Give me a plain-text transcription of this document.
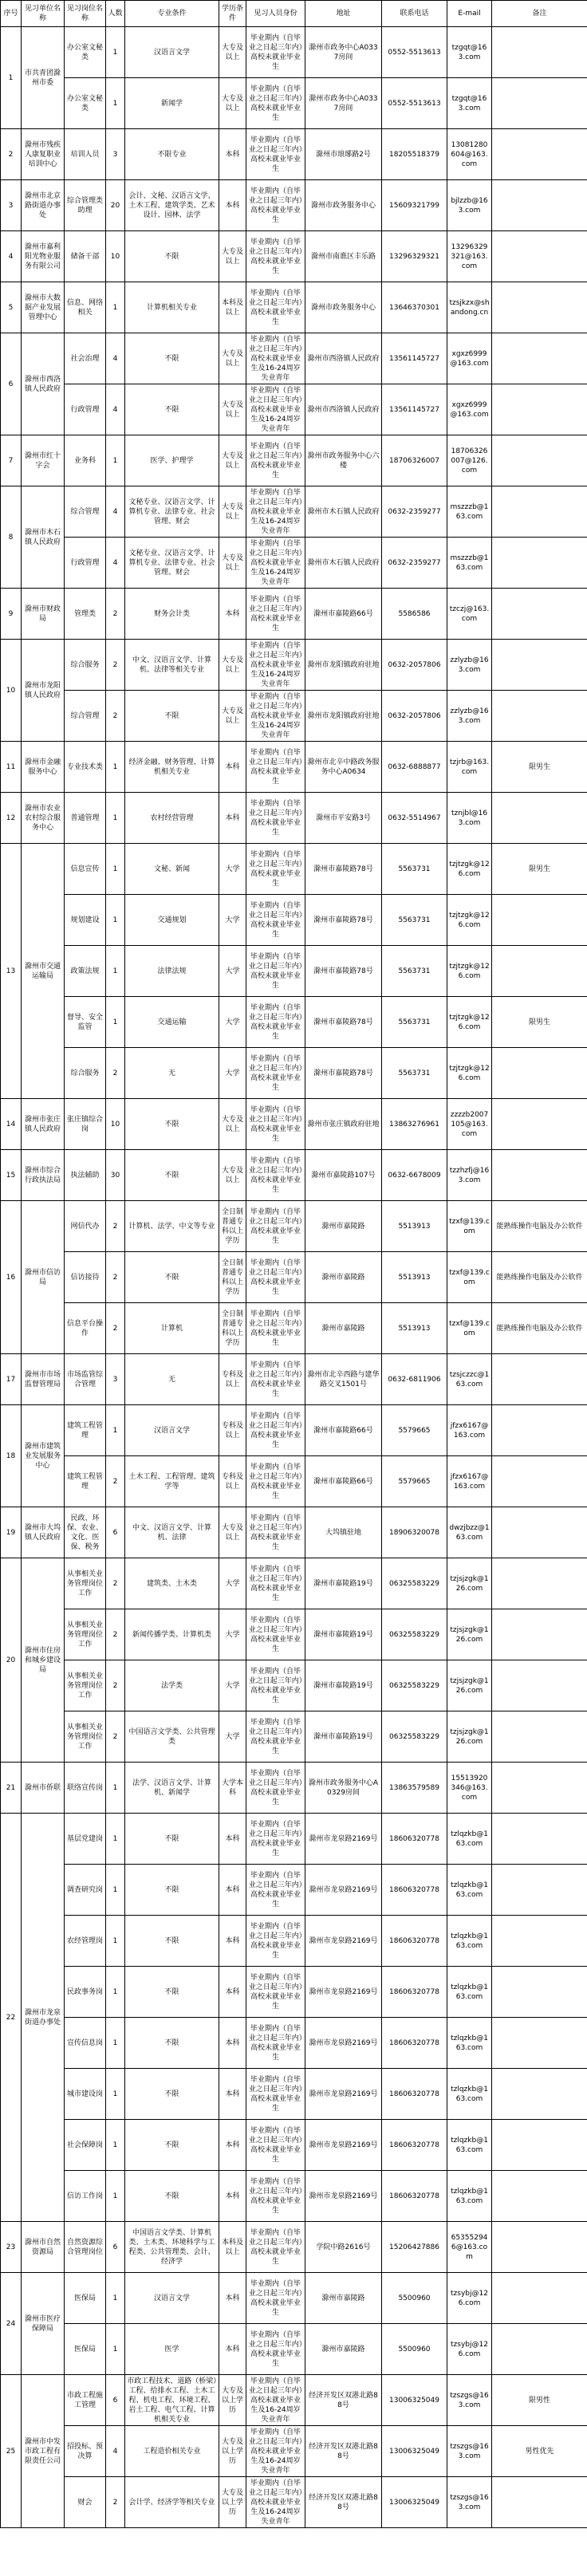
序号	见习单位名称	见习岗位名称	人数	专业条件	学历条件	见习人员身份	地址	联系电话	E-mail	备注
1	市共青团滁州市委	办公室文秘类	1	汉语言文学	大专及以上	毕业期内（自毕业之日起三年内）高校未就业毕业生	滁州市政务中心A0337房间	0552-5513613	tzgqt@163.com	
		办公室文秘类	1	新闻学	大专及以上	毕业期内（自毕业之日起三年内）高校未就业毕业生	滁州市政务中心A0337房间	0552-5513613	tzgqt@163.com	
2	滁州市残疾人康复职业培训中心	培训人员	3	不限专业	本科	毕业期内（自毕业之日起三年内）高校未就业毕业生	滁州市琅琊路2号	18205518379	13081280604@163.com	
3	滁州市北京路街道办事处	综合管理类助理	20	会计、文秘、汉语言文学、土木工程、建筑学类、艺术设计、园林、法学	本科	毕业期内（自毕业之日起三年内）高校未就业毕业生	滁州市政务服务中心	15609321799	bjlzzb@163.com	
4	滁州市嘉利阳光物业服务有限公司	储备干部	10	不限	大专及以上	毕业期内（自毕业之日起三年内）高校未就业毕业生	滁州市南谯区丰乐路	13296329321	13296329321@163.com	
5	滁州市大数据产业发展管理中心	信息、网络相关	1	计算机相关专业	本科及以上	毕业期内（自毕业之日起三年内）高校未就业毕业生	滁州市政务服务中心	13646370301	tzsjkzx@shandong.cn	
6	滁州市西洛镇人民政府	社会治理	4	不限	大专及以上	毕业期内（自毕业之日起三年内）高校未就业毕业生及16-24周岁失业青年	滁州市西洛镇人民政府	13561145727	xgxz6999@163.com	
		行政管理	4	不限	大专及以上	毕业期内（自毕业之日起三年内）高校未就业毕业生及16-24周岁失业青年	滁州市西洛镇人民政府	13561145727	xgxz6999@163.com	
7	滁州市红十字会	业务科	1	医学、护理学	大专及以上	毕业期内（自毕业之日起三年内）高校未就业毕业生	滁州市政务服务中心六楼	18706326007	18706326007@126.com	
8	滁州市木石镇人民政府	综合管理	4	文秘专业、汉语言文学、计算机专业、法律专业、社会管理、财会	大专及以上	毕业期内（自毕业之日起三年内）高校未就业毕业生及16-24周岁失业青年	滁州市木石镇人民政府	0632-2359277	mszzzb@163.com	
		行政管理	4	文秘专业、汉语言文学、计算机专业、法律专业、社会管理、财会	大专及以上	毕业期内（自毕业之日起三年内）高校未就业毕业生及16-24周岁失业青年	滁州市木石镇人民政府	0632-2359277	mszzzb@163.com	
9	滁州市财政局	管理类	2	财务会计类	本科	毕业期内（自毕业之日起三年内）高校未就业毕业生	滁州市嘉陵路66号	5586586	tzczj@163.com	
10	滁州市龙阳镇人民政府	综合服务	2	中文、汉语言文学、计算机、法律等相关专业	大专及以上	毕业期内（自毕业之日起三年内）高校未就业毕业生及16-24周岁失业青年	滁州市龙阳镇政府驻地	0632-2057806	zzlyzb@163.com	
		综合管理	2	不限	大专及以上	毕业期内（自毕业之日起三年内）高校未就业毕业生及16-24周岁失业青年	滁州市龙阳镇政府驻地	0632-2057806	zzlyzb@163.com	
11	滁州市金融服务中心	专业技术类	1	经济金融、财务管理、计算机相关专业	本科	毕业期内（自毕业之日起三年内）高校未就业毕业生	滁州市北辛中路政务服务中心A0634	0632-6888877	tzjrb@163.com	限男生
12	滁州市农业农村综合服务中心	普通管理	1	农村经营管理	本科	毕业期内（自毕业之日起三年内）高校未就业毕业生	滁州市平安路3号	0632-5514967	tznjbl@163.com	
13	滁州市交通运输局	信息宣传	1	文秘、新闻	大学	毕业期内（自毕业之日起三年内）高校未就业毕业生	滁州市嘉陵路78号	5563731	tzjtzgk@126.com	限男生
		规划建设	1	交通规划	大学	毕业期内（自毕业之日起三年内）高校未就业毕业生	滁州市嘉陵路78号	5563731	tzjtzgk@126.com	
		政策法规	1	法律法规	大学	毕业期内（自毕业之日起三年内）高校未就业毕业生	滁州市嘉陵路78号	5563731	tzjtzgk@126.com	
		督导、安全监管	1	交通运输	大学	毕业期内（自毕业之日起三年内）高校未就业毕业生	滁州市嘉陵路78号	5563731	tzjtzgk@126.com	限男生
		综合服务	2	无	大学	毕业期内（自毕业之日起三年内）高校未就业毕业生	滁州市嘉陵路78号	5563731	tzjtzgk@126.com	
14	滁州市张庄镇人民政府	张庄镇综合岗	10	不限	大专及以上	毕业期内（自毕业之日起三年内）高校未就业毕业生	滁州市张庄镇政府驻地	13863276961	zzzzb2007105@163.com	
15	滁州市综合行政执法局	执法辅助	30	不限	大专及以上	毕业期内（自毕业之日起三年内）高校未就业毕业生	滁州市嘉陵路107号	0632-6678009	tzzhzfj@163.com	
16	滁州市信访局	网信代办	2	计算机、法学、中文等专业	全日制普通专科以上学历	毕业期内（自毕业之日起三年内）高校未就业毕业生	滁州市嘉陵路	5513913	tzxf@139.com	能熟练操作电脑及办公软件
		信访接待	2	不限	全日制普通专科以上学历	毕业期内（自毕业之日起三年内）高校未就业毕业生	滁州市嘉陵路	5513913	tzxf@139.com	能熟练操作电脑及办公软件
		信息平台操作	2	计算机	全日制普通专科以上学历	毕业期内（自毕业之日起三年内）高校未就业毕业生	滁州市嘉陵路	5513913	tzxf@139.com	能熟练操作电脑及办公软件
17	滁州市市场监督管理局	市场监管综合管理	3	无	专科及以上	毕业期内（自毕业之日起三年内）高校未就业毕业生	滁州市北辛西路与建华路交叉1501号	0632-6811906	tzsjczzc@163.com	
18	滁州市建筑业发展服务中心	建筑工程管理	1	汉语言文学	专科及以上	毕业期内（自毕业之日起三年内）高校未就业毕业生	滁州市嘉陵路66号	5579665	jfzx6167@163.com	
		建筑工程管理	2	土木工程、工程管理、建筑学等	专科及以上	毕业期内（自毕业之日起三年内）高校未就业毕业生	滁州市嘉陵路66号	5579665	jfzx6167@163.com	
19	滁州市大坞镇人民政府	民政、环保、农业、文化、医保、税务	6	中文、汉语言文学、计算机、法律	大专及以上	毕业期内（自毕业之日起三年内）高校未就业毕业生	大坞镇驻地	18906320078	dwzjbzz@163.com	
20	滁州市住房和城乡建设局	从事相关业务管理岗位工作	2	建筑类、土木类	大学	毕业期内（自毕业之日起三年内）高校未就业毕业生	滁州市嘉陵路19号	06325583229	tzjsjzgk@126.com	
		从事相关业务管理岗位工作	2	新闻传播学类、计算机类	大学	毕业期内（自毕业之日起三年内）高校未就业毕业生	滁州市嘉陵路19号	06325583229	tzjsjzgk@126.com	
		从事相关业务管理岗位工作	2	法学类	大学	毕业期内（自毕业之日起三年内）高校未就业毕业生	滁州市嘉陵路19号	06325583229	tzjsjzgk@126.com	
		从事相关业务管理岗位工作	2	中国语言文学类、公共管理类	大学	毕业期内（自毕业之日起三年内）高校未就业毕业生	滁州市嘉陵路19号	06325583229	tzjsjzgk@126.com	
21	滁州市侨联	联络宣传岗	1	法学、汉语言文学、计算机、新闻学	大学本科	毕业期内（自毕业之日起三年内）高校未就业毕业生	滁州市政务服务中心A0329房间	13863579589	15513920346@163.com	
22	滁州市龙泉街道办事处	基层党建岗	1	不限	本科	毕业期内（自毕业之日起三年内）高校未就业毕业生	滁州市龙泉路2169号	18606320778	tzlqzkb@163.com	
		调查研究岗	1	不限	本科	毕业期内（自毕业之日起三年内）高校未就业毕业生	滁州市龙泉路2169号	18606320778	tzlqzkb@163.com	
		农经管理岗	1	不限	本科	毕业期内（自毕业之日起三年内）高校未就业毕业生	滁州市龙泉路2169号	18606320778	tzlqzkb@163.com	
		民政事务岗	1	不限	本科	毕业期内（自毕业之日起三年内）高校未就业毕业生	滁州市龙泉路2169号	18606320778	tzlqzkb@163.com	
		宣传信息岗	1	不限	本科	毕业期内（自毕业之日起三年内）高校未就业毕业生	滁州市龙泉路2169号	18606320778	tzlqzkb@163.com	
		城市建设岗	1	不限	本科	毕业期内（自毕业之日起三年内）高校未就业毕业生	滁州市龙泉路2169号	18606320778	tzlqzkb@163.com	
		社会保障岗	1	不限	本科	毕业期内（自毕业之日起三年内）高校未就业毕业生	滁州市龙泉路2169号	18606320778	tzlqzkb@163.com	
		信访工作岗	1	不限	本科	毕业期内（自毕业之日起三年内）高校未就业毕业生	滁州市龙泉路2169号	18606320778	tzlqzkb@163.com	
23	滁州市自然资源局	自然资源综合管理岗位	6	中国语言文学类、计算机类、土木类、环境科学与工程类、公共管理类、会计、经济学	本科及以上	毕业期内（自毕业之日起三年内）高校未就业毕业生	学院中路2616号	15206427886	653552946@163.com	
24	滁州市医疗保障局	医保局	1	汉语言文学	本科	毕业期内（自毕业之日起三年内）高校未就业毕业生	滁州市嘉陵路	5500960	tzsybj@126.com	
		医保局	1	医学	本科	毕业期内（自毕业之日起三年内）高校未就业毕业生	滁州市嘉陵路	5500960	tzsybj@126.com	
25	滁州市中发市政工程有限责任公司	市政工程施工管理	6	市政工程技术、道路（桥梁）工程、给排水工程、土木工程、机电工程、环境工程、岩土工程、电气工程、计算机相关专业	大专及以上学历	毕业期内（自毕业之日起三年内）高校未就业毕业生及16-24周岁失业青年	经济开发区双港北路88号	13006325049	tzszgs@163.com	限男性
		招投标、预决算	4	工程造价相关专业	大专及以上学历	毕业期内（自毕业之日起三年内）高校未就业毕业生及16-24周岁失业青年	经济开发区双港北路88号	13006325049	tzszgs@163.com	男性优先
		财会	2	会计学、经济学等相关专业	大专及以上学历	毕业期内（自毕业之日起三年内）高校未就业毕业生及16-24周岁失业青年	经济开发区双港北路88号	13006325049	tzszgs@163.com	
